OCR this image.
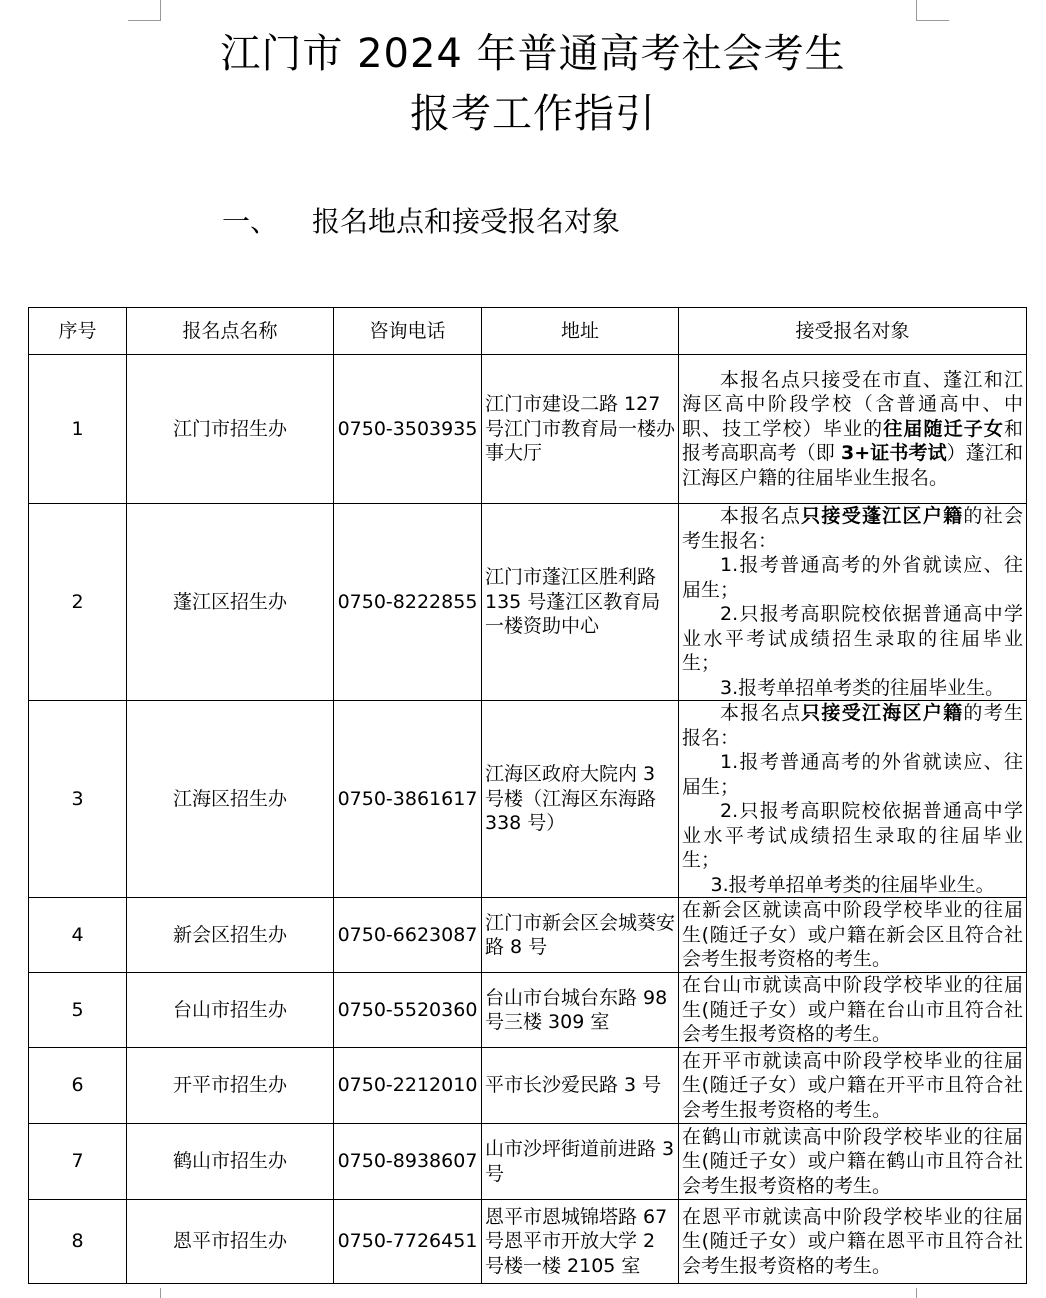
江门市 2024 年普通高考社会考生
报考工作指引
一、 报名地点和接受报名对象
序号	报名点名称	咨询电话	地址	接受报名对象
1	江门市招生办	0750-3503935	江门市建设二路 127 号江门市教育局一楼办事大厅	本报名点只接受在市直、蓬江和江海区高中阶段学校（含普通高中、中职、技工学校）毕业的往届随迁子女和报考高职高考（即 3+证书考试）蓬江和江海区户籍的往届毕业生报名。

2	蓬江区招生办	0750-8222855	江门市蓬江区胜利路 135 号蓬江区教育局一楼资助中心	本报名点只接受蓬江区户籍的社会考生报名：
1.报考普通高考的外省就读应、往届生；
2.只报考高职院校依据普通高中学业水平考试成绩招生录取的往届毕业生；
3.报考单招单考类的往届毕业生。

3	江海区招生办	0750-3861617	江海区政府大院内 3 号楼（江海区东海路 338 号）	本报名点只接受江海区户籍的考生报名：
1.报考普通高考的外省就读应、往届生；
2.只报考高职院校依据普通高中学业水平考试成绩招生录取的往届毕业生；
3.报考单招单考类的往届毕业生。

4	新会区招生办	0750-6623087	江门市新会区会城葵安路 8 号	在新会区就读高中阶段学校毕业的往届生(随迁子女）或户籍在新会区且符合社会考生报考资格的考生。
5	台山市招生办	0750-5520360	台山市台城台东路 98 号三楼 309 室	在台山市就读高中阶段学校毕业的往届生(随迁子女）或户籍在台山市且符合社会考生报考资格的考生。
6	开平市招生办	0750-2212010	平市长沙爱民路 3 号	在开平市就读高中阶段学校毕业的往届生(随迁子女）或户籍在开平市且符合社会考生报考资格的考生。
7	鹤山市招生办	0750-8938607	山市沙坪街道前进路 3 号	在鹤山市就读高中阶段学校毕业的往届生(随迁子女）或户籍在鹤山市且符合社会考生报考资格的考生。
8	恩平市招生办	0750-7726451	恩平市恩城锦塔路 67 号恩平市开放大学 2 号楼一楼 2105 室	在恩平市就读高中阶段学校毕业的往届生(随迁子女）或户籍在恩平市且符合社会考生报考资格的考生。
